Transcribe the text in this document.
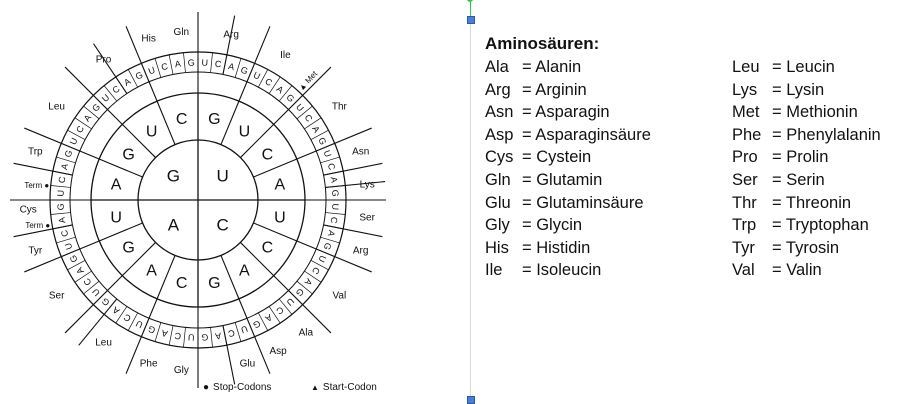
G U
C
A
A
G
U
C G
U
C
A
U
C
A
G
C
A
G
U
U
C
A
G
U
C
A
G
U
C
A
G U C A G U C A G U
C
A
G
U
C
A
G
U
C
A
G
U
C
A
G
U
C
A
G
U
C
A
G
U
C
A
G
U
C
A
G
U
C
A
G
U
C
A
G
U
C
A
G
Gly
Phe
Leu
Ser
Tyr
Term ●
Cys
Term ●
Trp
Leu
Pro
His
Gln	Arg
Ile
▲ Met
Thr
Asn
Lys
Ser
Arg
Val
Ala
Asp
Glu
● Stop-Codons	▲ Start-Codon
Aminosäuren:
Ala = Alanin
Arg = Arginin
Asn = Asparagin
Asp = Asparaginsäure
Cys = Cystein
Gln = Glutamin
Glu = Glutaminsäure
Gly = Glycin
His = Histidin
Ile = Isoleucin
Leu = Leucin
Lys = Lysin
Met = Methionin
Phe = Phenylalanin
Pro = Prolin
Ser = Serin
Thr = Threonin
Trp = Tryptophan
Tyr = Tyrosin
Val = Valin
